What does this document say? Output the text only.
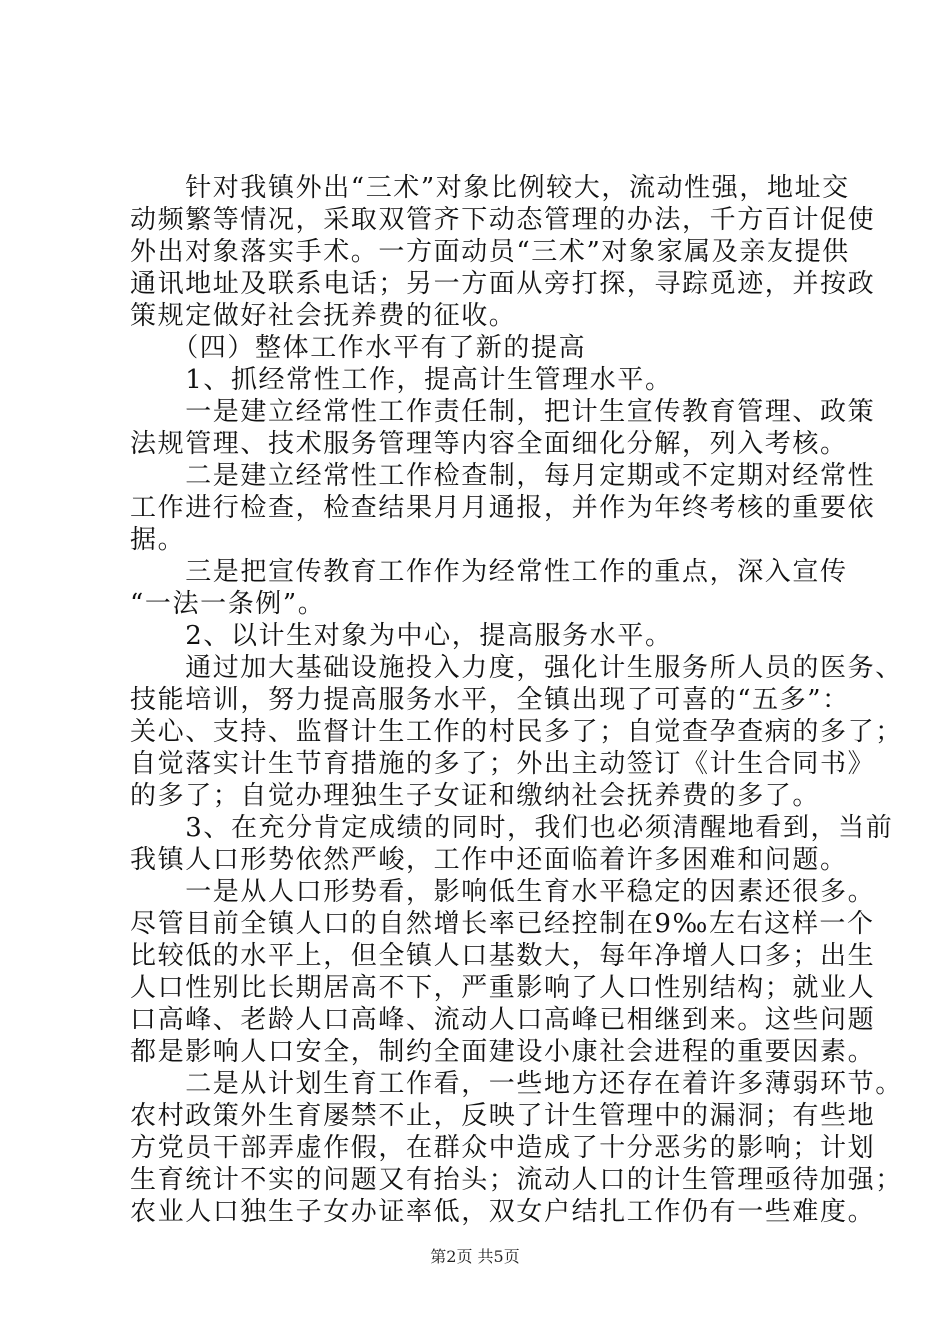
　　针对我镇外出“三术”对象比例较大，流动性强，地址交
动频繁等情况，采取双管齐下动态管理的办法，千方百计促使
外出对象落实手术。一方面动员“三术”对象家属及亲友提供
通讯地址及联系电话；另一方面从旁打探，寻踪觅迹，并按政
策规定做好社会抚养费的征收。
　　（四）整体工作水平有了新的提高
　　1、抓经常性工作，提高计生管理水平。
　　一是建立经常性工作责任制，把计生宣传教育管理、政策
法规管理、技术服务管理等内容全面细化分解，列入考核。
　　二是建立经常性工作检查制，每月定期或不定期对经常性
工作进行检查，检查结果月月通报，并作为年终考核的重要依
据。
　　三是把宣传教育工作作为经常性工作的重点，深入宣传
“一法一条例”。
　　2、以计生对象为中心，提高服务水平。
　　通过加大基础设施投入力度，强化计生服务所人员的医务、
技能培训，努力提高服务水平，全镇出现了可喜的“五多”：
关心、支持、监督计生工作的村民多了；自觉查孕查病的多了；
自觉落实计生节育措施的多了；外出主动签订《计生合同书》
的多了；自觉办理独生子女证和缴纳社会抚养费的多了。
　　3、在充分肯定成绩的同时，我们也必须清醒地看到，当前
我镇人口形势依然严峻，工作中还面临着许多困难和问题。
　　一是从人口形势看，影响低生育水平稳定的因素还很多。
尽管目前全镇人口的自然增长率已经控制在9‰左右这样一个
比较低的水平上，但全镇人口基数大，每年净增人口多；出生
人口性别比长期居高不下，严重影响了人口性别结构；就业人
口高峰、老龄人口高峰、流动人口高峰已相继到来。这些问题
都是影响人口安全，制约全面建设小康社会进程的重要因素。
　　二是从计划生育工作看，一些地方还存在着许多薄弱环节。
农村政策外生育屡禁不止，反映了计生管理中的漏洞；有些地
方党员干部弄虚作假，在群众中造成了十分恶劣的影响；计划
生育统计不实的问题又有抬头；流动人口的计生管理亟待加强；
农业人口独生子女办证率低，双女户结扎工作仍有一些难度。
第2页 共5页
